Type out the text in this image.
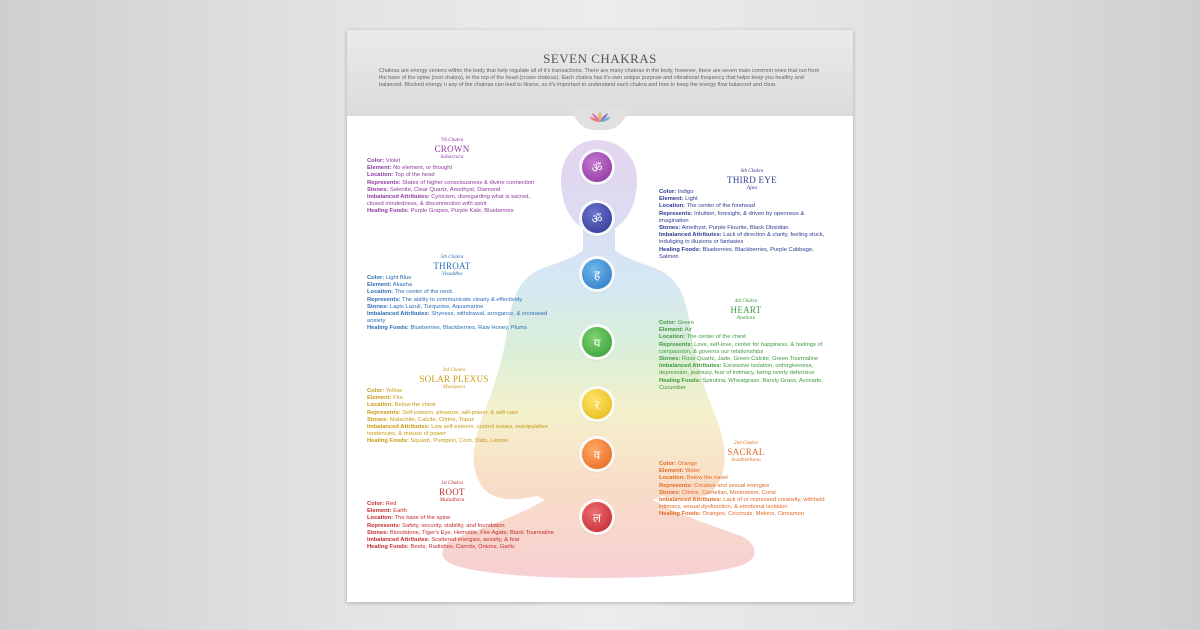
SEVEN CHAKRAS
Chakras are energy centers within the body that help regulate all of it's transactions. There are many chakras in the body, however, there are seven main common ones that run from the base of the spine (root chakra), to the top of the head (crown chakras). Each chakra has it's own unique purpose and vibrational frequency that helps keep you healthy and balanced. Blocked energy n any of the chakras can lead to illness, so it's important to understand each chakra and how to keep the energy flow balanced and clear.
ॐ
ॐ
ह
य
र
व
ल
7th Chakra
CROWN
Sahasrara
Color: Violet
Element: No element, or thought
Location: Top of the head
Represents: States of higher consciousness & divine connection
Stones: Selenite, Clear Quartz, Amethyst, Diamond
Imbalanced Attributes: Cynicism, disregarding what is sacred, closed mindedness, & disconnection with spirit
Healing Foods: Purple Grapes, Purple Kale, Blueberries
6th Chakra
THIRD EYE
Ajna
Color: Indigo
Element: Light
Location: The center of the forehead
Represents: Intuition, foresight, & driven by openness & imagination
Stones: Amethyst, Purple Flourite, Black Obsidian
Imbalanced Attributes: Lack of direction & clarity, feeling stuck, induliging in illusions or fantasies
Healing Foods: Blueberries, Blackberries, Purple Cabbage, Salmon
5th Chakra
THROAT
Visuddha
Color: Light Blue
Element: Akasha
Location: The center of the neck
Represents: The ability to communicate clearly & effectively
Stones: Lapis Lazuli, Turquoise, Aquamarine
Imbalanced Attributes: Shyness, withdrawal, arrogance, & increased anxiety
Healing Foods: Blueberries, Blackberries, Raw Honey, Plums
4th Chakra
HEART
Anahata
Color: Green
Element: Air
Location: The center of the chest
Represents: Love, self-love, center for happiness, & feelings of compassion, & governs our relationships
Stones: Rose Quartz, Jade, Green Calcite, Green Tourmaline
Imbalanced Attributes: Excessive isolation, unforgiveness, depression, jealousy, fear of intimacy, being overly defensive
Healing Foods: Spirulina, Wheatgrass, Barely Grass, Avocado, Cucumber
3rd Chakra
SOLAR PLEXUS
Manipura
Color: Yellow
Element: Fire
Location: Below the chest
Represents: Self-esteem, pleasure, will-power, & self-care
Stones: Malachite, Calcite, Citrine, Topaz
Imbalanced Attributes: Low self-esteem, control issues, manipulative tendencies, & misuse of power
Healing Foods: Squash, Pumpkin, Corn, Oats, Lemon	2nd Chakra
SACRAL
Svadhisthana
Color: Orange
Element: Water
Location: Below the navel
Represents: Creative and sexual energies
Stones: Citrine, Carnelian, Moonstone, Coral
Imbalanced Attributes: Lack of or repressed creativity, withheld intimacy, sexual dysfunction, & emotional isolation
Healing Foods: Oranges, Coconuts, Melons, Cinnamon
1st Chakra
ROOT
Muladhara
Color: Red
Element: Earth
Location: The base of the spine
Represents: Safety, security, stability, and foundation
Stones: Bloodstone, Tiger's Eye, Hematite, Fire Agate, Black Tourmaline
Imbalanced Attributes: Scattered energies, anxiety, & fear
Healing Foods: Beets, Radishes, Carrots, Onions, Garlic
